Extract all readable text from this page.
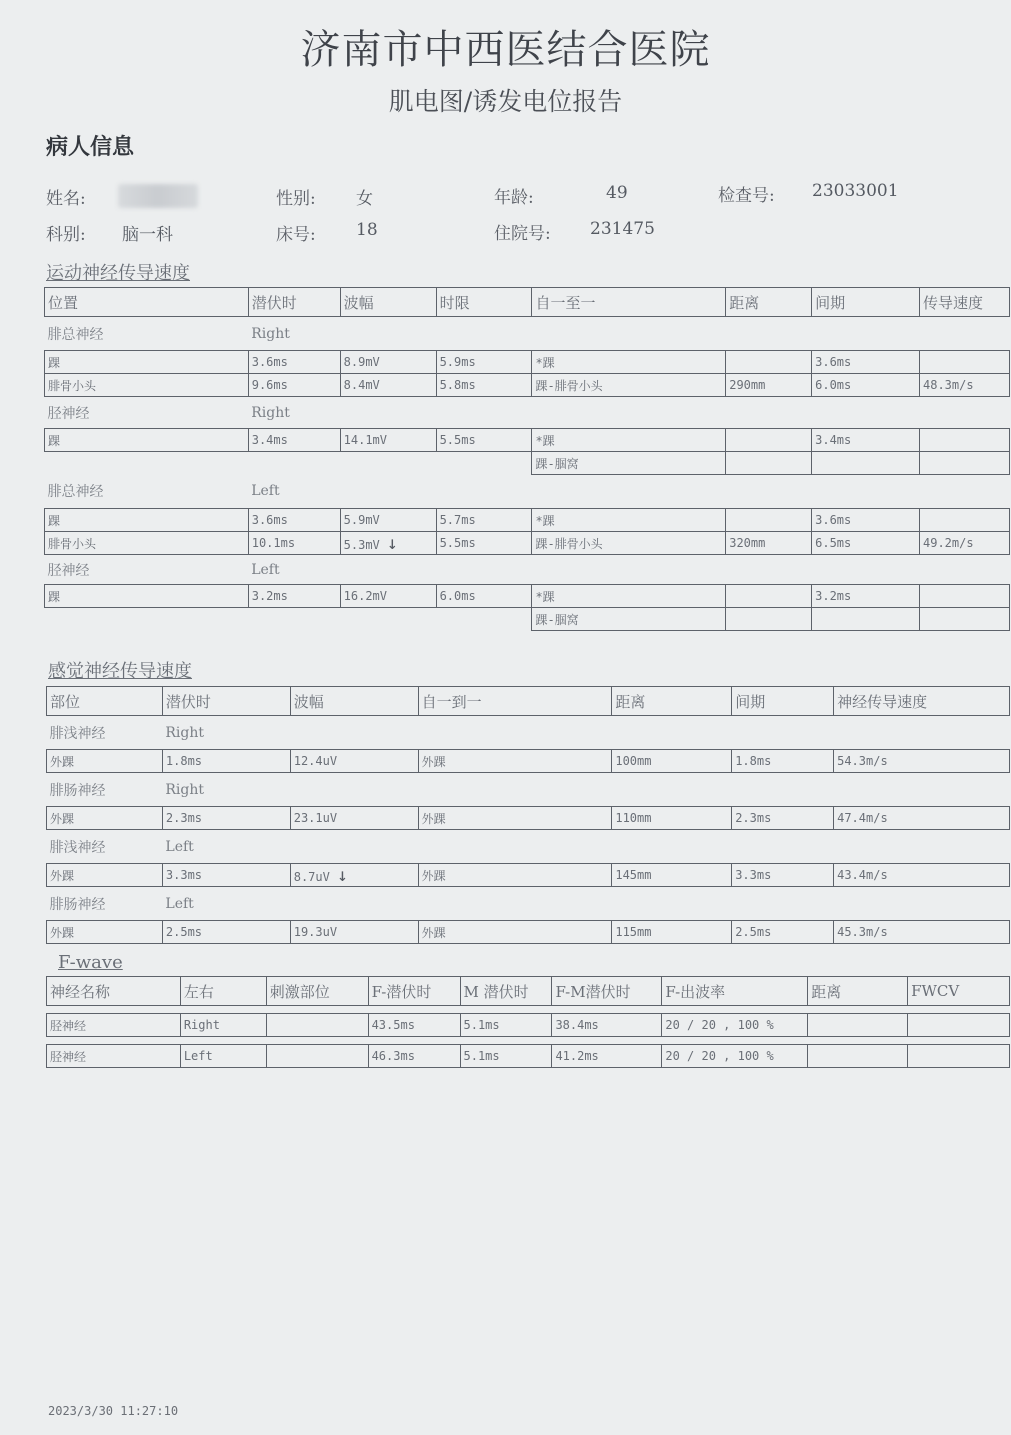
济南市中西医结合医院
肌电图/诱发电位报告
病人信息
姓名:	性别: 女	年龄:	49	检查号: 23033001
科别: 脑一科	床号: 18	住院号: 231475
运动神经传导速度
位置	潜伏时	波幅	时限	自一至一	距离	间期	传导速度
腓总神经	Right						
踝	3.6ms	8.9mV	5.9ms	*踝		3.6ms	
腓骨小头	9.6ms	8.4mV	5.8ms	踝-腓骨小头	290mm	6.0ms	48.3m/s
胫神经	Right						
踝	3.4ms	14.1mV	5.5ms	*踝		3.4ms	
				踝-腘窝			
腓总神经	Left						
踝	3.6ms	5.9mV	5.7ms	*踝		3.6ms	
腓骨小头	10.1ms	5.3mV ↓	5.5ms	踝-腓骨小头	320mm	6.5ms	49.2m/s
胫神经	Left						
踝	3.2ms	16.2mV	6.0ms	*踝		3.2ms	
				踝-腘窝			
感觉神经传导速度
部位	潜伏时	波幅	自一到一	距离	间期	神经传导速度
腓浅神经	Right					
外踝	1.8ms	12.4uV	外踝	100mm	1.8ms	54.3m/s
腓肠神经	Right					
外踝	2.3ms	23.1uV	外踝	110mm	2.3ms	47.4m/s
腓浅神经	Left					
外踝	3.3ms	8.7uV ↓	外踝	145mm	3.3ms	43.4m/s
腓肠神经	Left					
外踝	2.5ms	19.3uV	外踝	115mm	2.5ms	45.3m/s
F-wave
神经名称	左右	刺激部位	F-潜伏时	M 潜伏时	F-M潜伏时	F-出波率	距离	FWCV

胫神经	Right		43.5ms	5.1ms	38.4ms	20 / 20 , 100 %		

胫神经	Left		46.3ms	5.1ms	41.2ms	20 / 20 , 100 %		
2023/3/30 11:27:10
